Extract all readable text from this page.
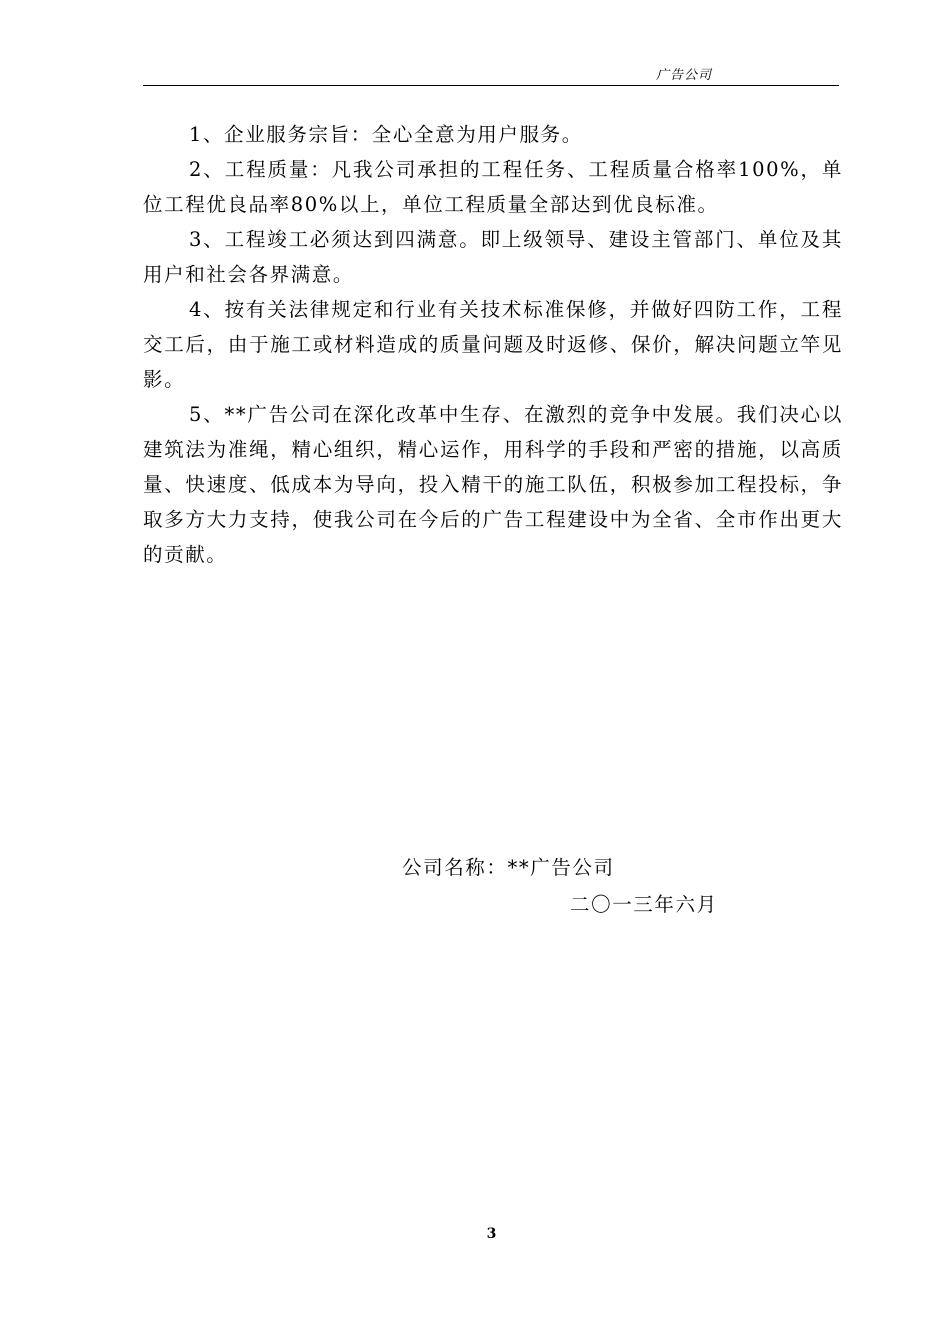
广告公司

1、企业服务宗旨：全心全意为用户服务。

2、工程质量：凡我公司承担的工程任务、工程质量合格率100%，单位工程优良品率80%以上，单位工程质量全部达到优良标准。

3、工程竣工必须达到四满意。即上级领导、建设主管部门、单位及其用户和社会各界满意。

4、按有关法律规定和行业有关技术标准保修，并做好四防工作，工程交工后，由于施工或材料造成的质量问题及时返修、保价，解决问题立竿见影。

5、**广告公司在深化改革中生存、在激烈的竞争中发展。我们决心以建筑法为准绳，精心组织，精心运作，用科学的手段和严密的措施，以高质量、快速度、低成本为导向，投入精干的施工队伍，积极参加工程投标，争取多方大力支持，使我公司在今后的广告工程建设中为全省、全市作出更大的贡献。

公司名称：**广告公司
二〇一三年六月
3
